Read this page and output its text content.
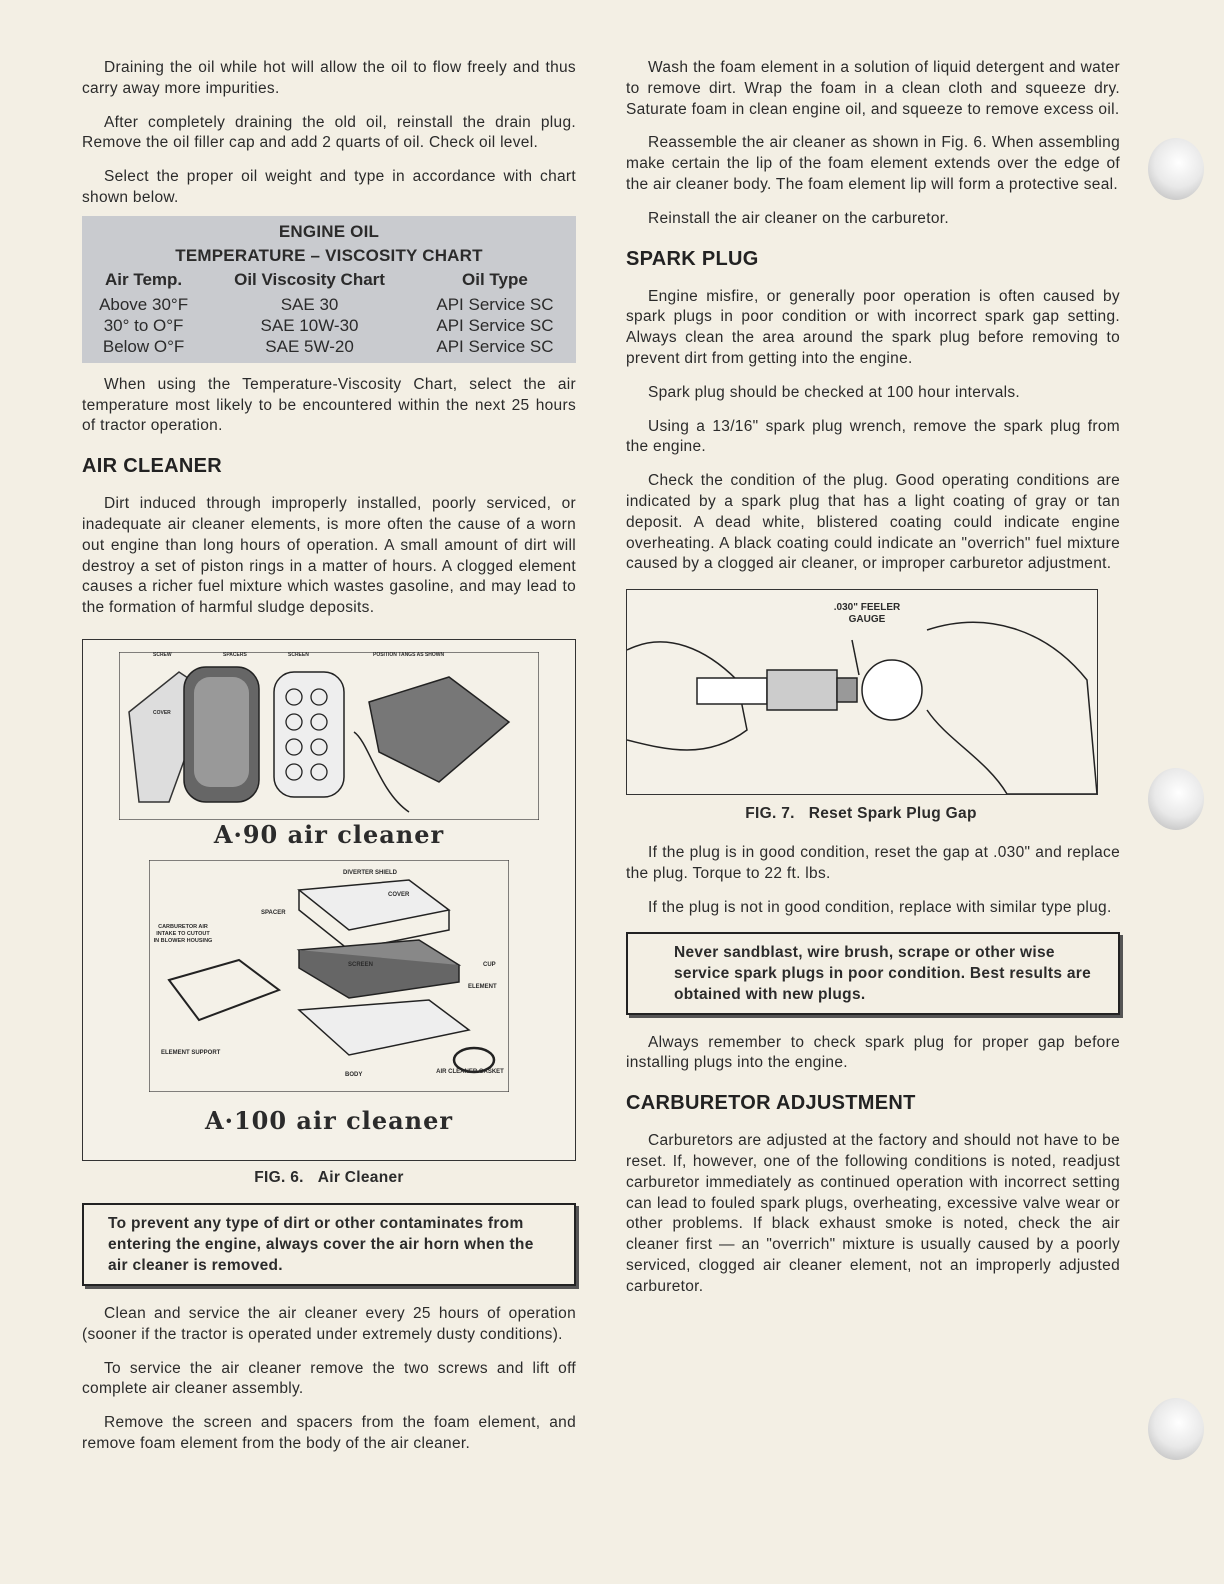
Draining the oil while hot will allow the oil to flow freely and thus carry away more impurities.

After completely draining the old oil, reinstall the drain plug. Remove the oil filler cap and add 2 quarts of oil. Check oil level.

Select the proper oil weight and type in accordance with chart shown below.

ENGINE OIL
TEMPERATURE – VISCOSITY CHART
Air Temp.	Oil Viscosity Chart	Oil Type
Above 30°F	SAE 30	API Service SC
30° to O°F	SAE 10W-30	API Service SC
Below O°F	SAE 5W-20	API Service SC

When using the Temperature-Viscosity Chart, select the air temperature most likely to be encountered within the next 25 hours of tractor operation.

AIR CLEANER

Dirt induced through improperly installed, poorly serviced, or inadequate air cleaner elements, is more often the cause of a worn out engine than long hours of operation. A small amount of dirt will destroy a set of piston rings in a matter of hours. A clogged element causes a richer fuel mixture which wastes gasoline, and may lead to the formation of harmful sludge deposits.

SCREW	SPACERS	SCREEN	POSITION TANGS AS SHOWN
COVER
A·90 air cleaner
DIVERTER SHIELD
COVER
SPACER
CARBURETOR AIR INTAKE TO CUTOUT IN BLOWER HOUSING
SCREEN	CUP
ELEMENT
ELEMENT SUPPORT
BODY	AIR CLEANER GASKET
A·100 air cleaner
FIG. 6. Air Cleaner
To prevent any type of dirt or other contaminates from entering the engine, always cover the air horn when the air cleaner is removed.

Clean and service the air cleaner every 25 hours of operation (sooner if the tractor is operated under extremely dusty conditions).

To service the air cleaner remove the two screws and lift off complete air cleaner assembly.

Remove the screen and spacers from the foam element, and remove foam element from the body of the air cleaner.

Wash the foam element in a solution of liquid detergent and water to remove dirt. Wrap the foam in a clean cloth and squeeze dry. Saturate foam in clean engine oil, and squeeze to remove excess oil.

Reassemble the air cleaner as shown in Fig. 6. When assembling make certain the lip of the foam element extends over the edge of the air cleaner body. The foam element lip will form a protective seal.

Reinstall the air cleaner on the carburetor.

SPARK PLUG

Engine misfire, or generally poor operation is often caused by spark plugs in poor condition or with incorrect spark gap setting. Always clean the area around the spark plug before removing to prevent dirt from getting into the engine.

Spark plug should be checked at 100 hour intervals.

Using a 13/16" spark plug wrench, remove the spark plug from the engine.

Check the condition of the plug. Good operating conditions are indicated by a spark plug that has a light coating of gray or tan deposit. A dead white, blistered coating could indicate engine overheating. A black coating could indicate an "overrich" fuel mixture caused by a clogged air cleaner, or improper carburetor adjustment.

.030" FEELER GAUGE
FIG. 7. Reset Spark Plug Gap

If the plug is in good condition, reset the gap at .030" and replace the plug. Torque to 22 ft. lbs.

If the plug is not in good condition, replace with similar type plug.

Never sandblast, wire brush, scrape or other wise service spark plugs in poor condition. Best results are obtained with new plugs.

Always remember to check spark plug for proper gap before installing plugs into the engine.

CARBURETOR ADJUSTMENT

Carburetors are adjusted at the factory and should not have to be reset. If, however, one of the following conditions is noted, readjust carburetor immediately as continued operation with incorrect setting can lead to fouled spark plugs, overheating, excessive valve wear or other problems. If black exhaust smoke is noted, check the air cleaner first — an "overrich" mixture is usually caused by a poorly serviced, clogged air cleaner element, not an improperly adjusted carburetor.
